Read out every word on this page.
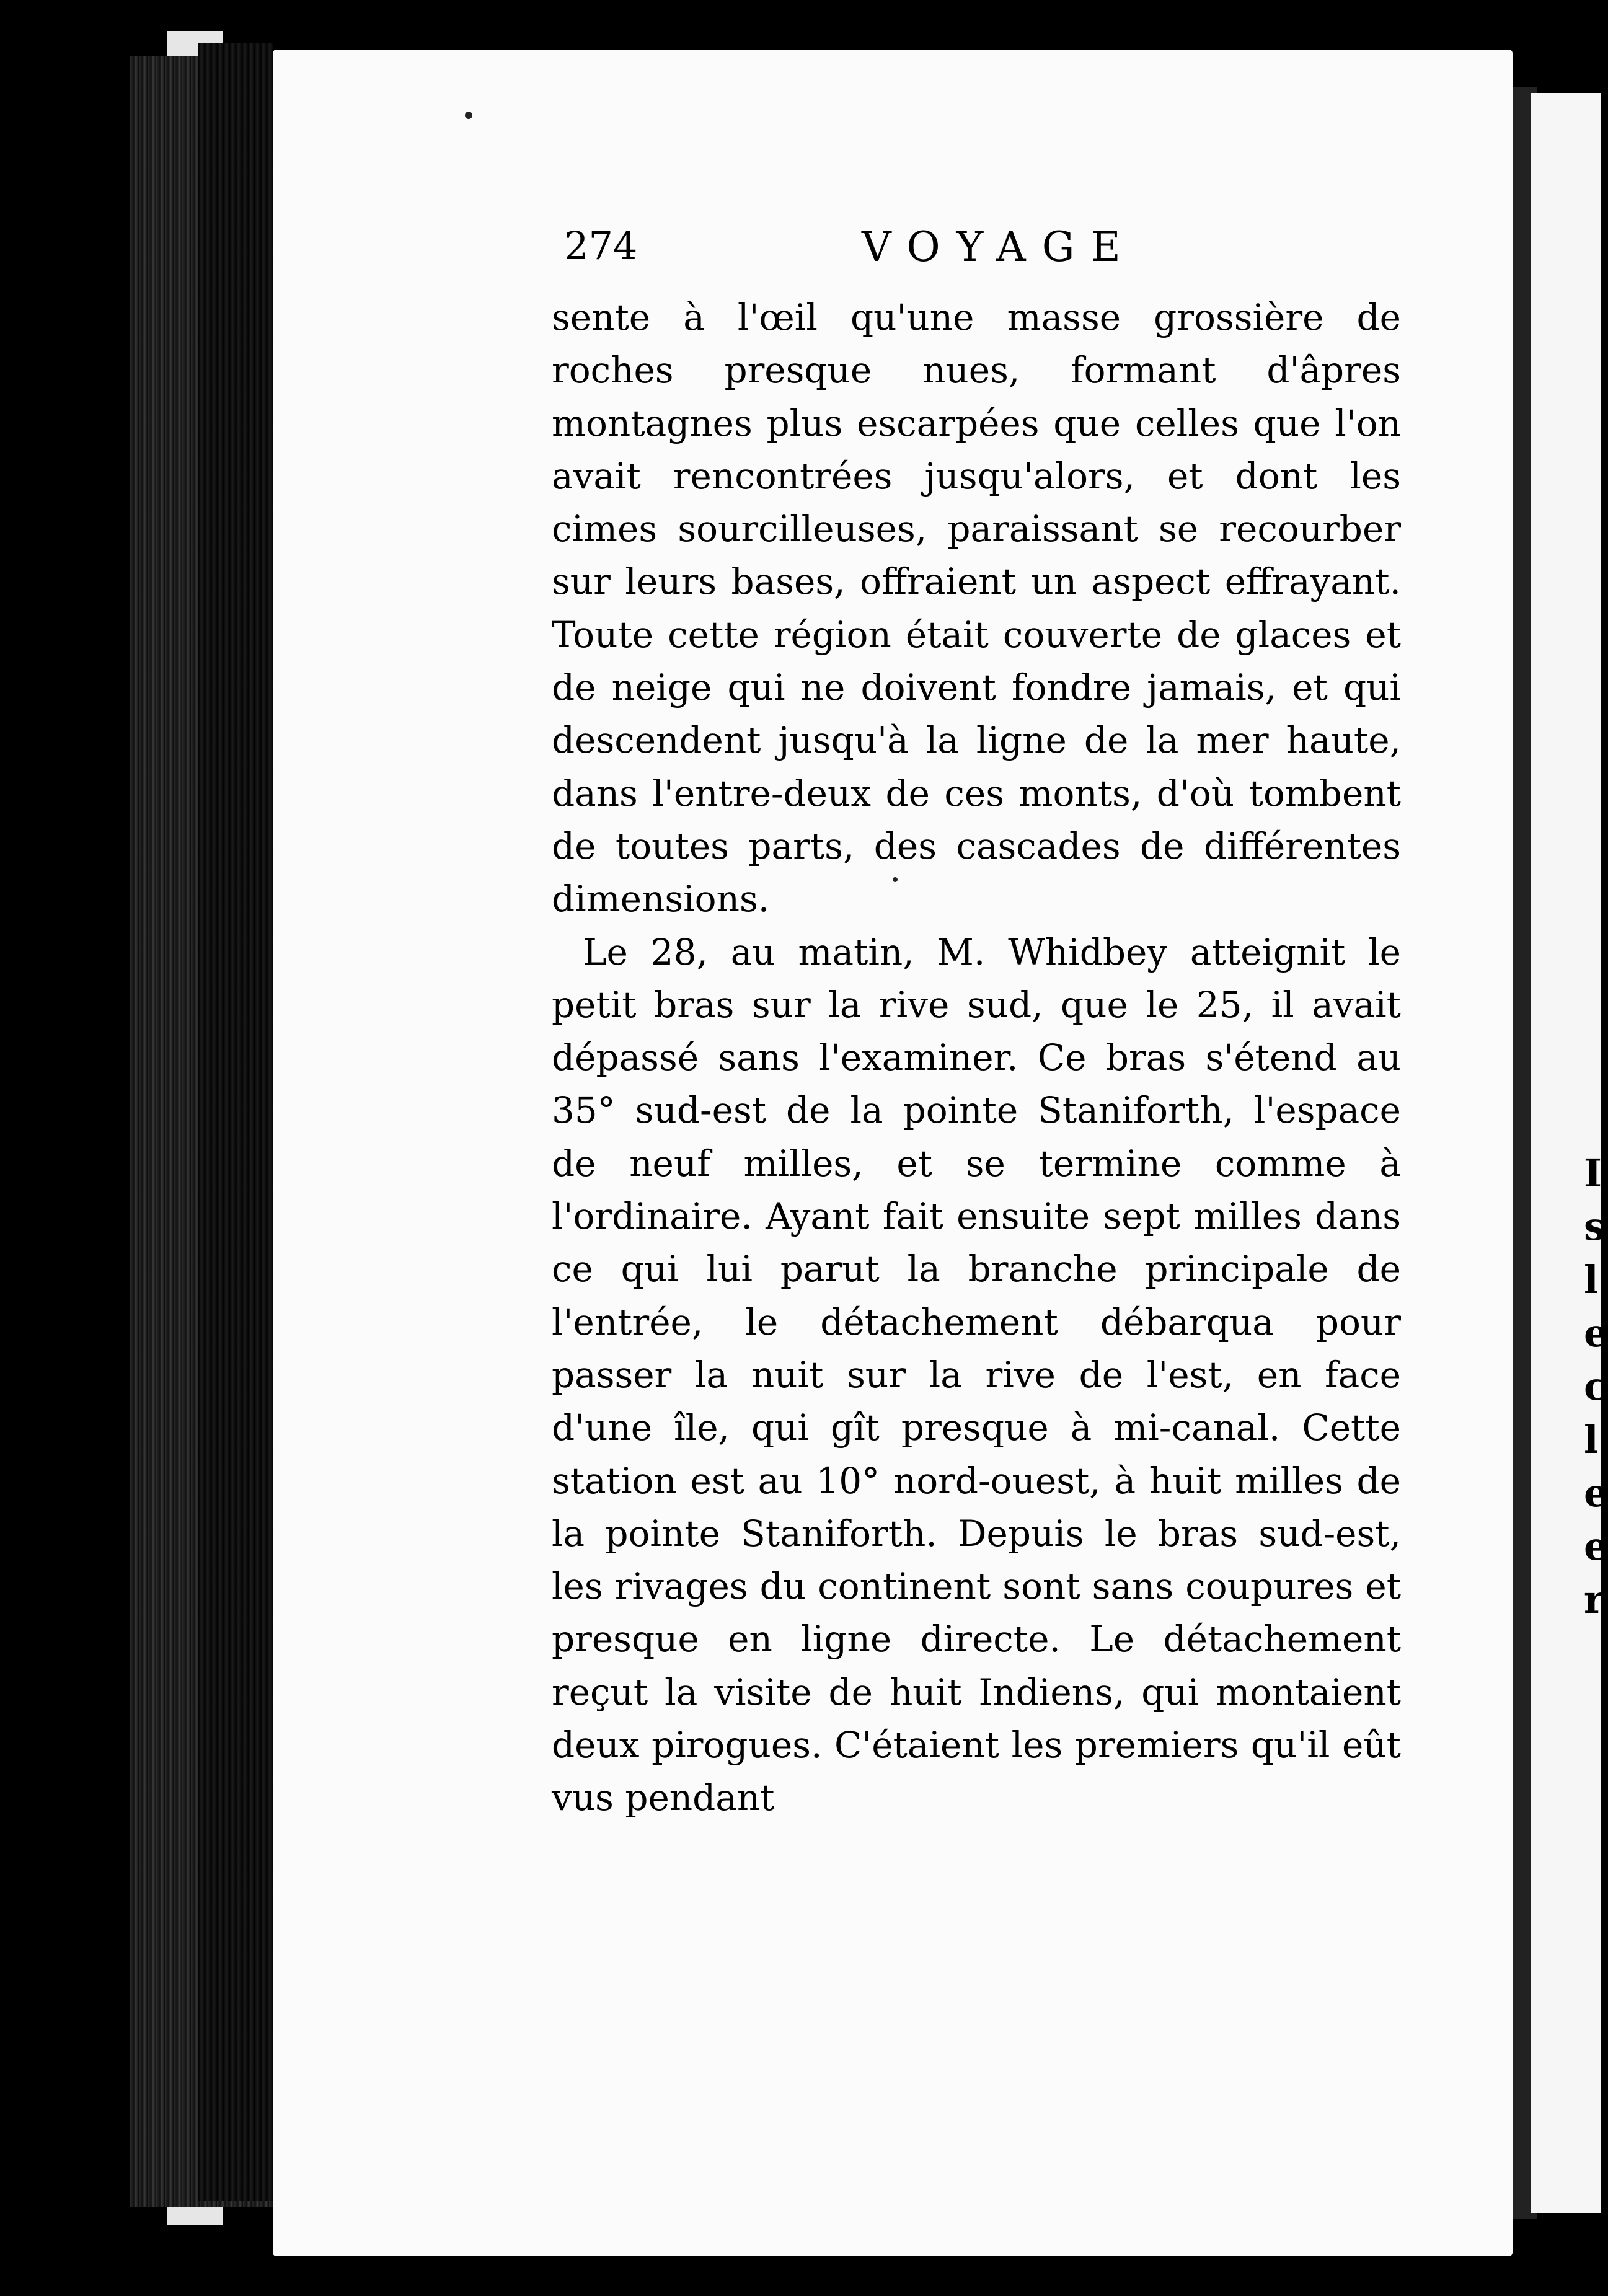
I s l e c l e e r
274	VOYAGE

sente à l'œil qu'une masse grossière de roches presque nues, formant d'âpres montagnes plus escarpées que celles que l'on avait rencontrées jusqu'alors, et dont les cimes sourcilleuses, paraissant se recourber sur leurs bases, offraient un aspect effrayant. Toute cette région était couverte de glaces et de neige qui ne doivent fondre jamais, et qui descendent jusqu'à la ligne de la mer haute, dans l'entre-deux de ces monts, d'où tombent de toutes parts, des cascades de différentes dimensions.

Le 28, au matin, M. Whidbey atteignit le petit bras sur la rive sud, que le 25, il avait dépassé sans l'examiner. Ce bras s'étend au 35° sud-est de la pointe Staniforth, l'espace de neuf milles, et se termine comme à l'ordinaire. Ayant fait ensuite sept milles dans ce qui lui parut la branche principale de l'entrée, le détachement débarqua pour passer la nuit sur la rive de l'est, en face d'une île, qui gît presque à mi-canal. Cette station est au 10° nord-ouest, à huit milles de la pointe Staniforth. Depuis le bras sud-est, les rivages du continent sont sans coupures et presque en ligne directe. Le détachement reçut la visite de huit Indiens, qui montaient deux pirogues. C'étaient les premiers qu'il eût vus pendant
